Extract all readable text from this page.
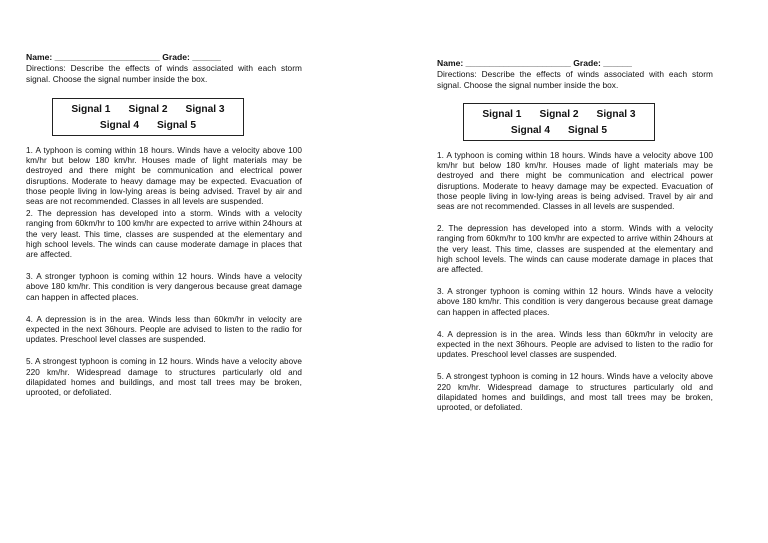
Name: ______________________ Grade: ______
Directions: Describe the effects of winds associated with each storm signal. Choose the signal number inside the box.
Signal 1 Signal 2 Signal 3
Signal 4 Signal 5
1. A typhoon is coming within 18 hours. Winds have a velocity above 100 km/hr but below 180 km/hr. Houses made of light materials may be destroyed and there might be communication and electrical power disruptions. Moderate to heavy damage may be expected. Evacuation of those people living in low-lying areas is being advised. Travel by air and seas are not recommended. Classes in all levels are suspended.
2. The depression has developed into a storm. Winds with a velocity ranging from 60km/hr to 100 km/hr are expected to arrive within 24hours at the very least. This time, classes are suspended at the elementary and high school levels. The winds can cause moderate damage in places that are affected.
3. A stronger typhoon is coming within 12 hours. Winds have a velocity above 180 km/hr. This condition is very dangerous because great damage can happen in affected places.
4. A depression is in the area. Winds less than 60km/hr in velocity are expected in the next 36hours. People are advised to listen to the radio for updates. Preschool level classes are suspended.
5. A strongest typhoon is coming in 12 hours. Winds have a velocity above 220 km/hr. Widespread damage to structures particularly old and dilapidated homes and buildings, and most tall trees may be broken, uprooted, or defoliated.
Name: ______________________ Grade: ______
Directions: Describe the effects of winds associated with each storm signal. Choose the signal number inside the box.
Signal 1 Signal 2 Signal 3
Signal 4 Signal 5
1. A typhoon is coming within 18 hours. Winds have a velocity above 100 km/hr but below 180 km/hr. Houses made of light materials may be destroyed and there might be communication and electrical power disruptions. Moderate to heavy damage may be expected. Evacuation of those people living in low-lying areas is being advised. Travel by air and seas are not recommended. Classes in all levels are suspended.
2. The depression has developed into a storm. Winds with a velocity ranging from 60km/hr to 100 km/hr are expected to arrive within 24hours at the very least. This time, classes are suspended at the elementary and high school levels. The winds can cause moderate damage in places that are affected.
3. A stronger typhoon is coming within 12 hours. Winds have a velocity above 180 km/hr. This condition is very dangerous because great damage can happen in affected places.
4. A depression is in the area. Winds less than 60km/hr in velocity are expected in the next 36hours. People are advised to listen to the radio for updates. Preschool level classes are suspended.
5. A strongest typhoon is coming in 12 hours. Winds have a velocity above 220 km/hr. Widespread damage to structures particularly old and dilapidated homes and buildings, and most tall trees may be broken, uprooted, or defoliated.
